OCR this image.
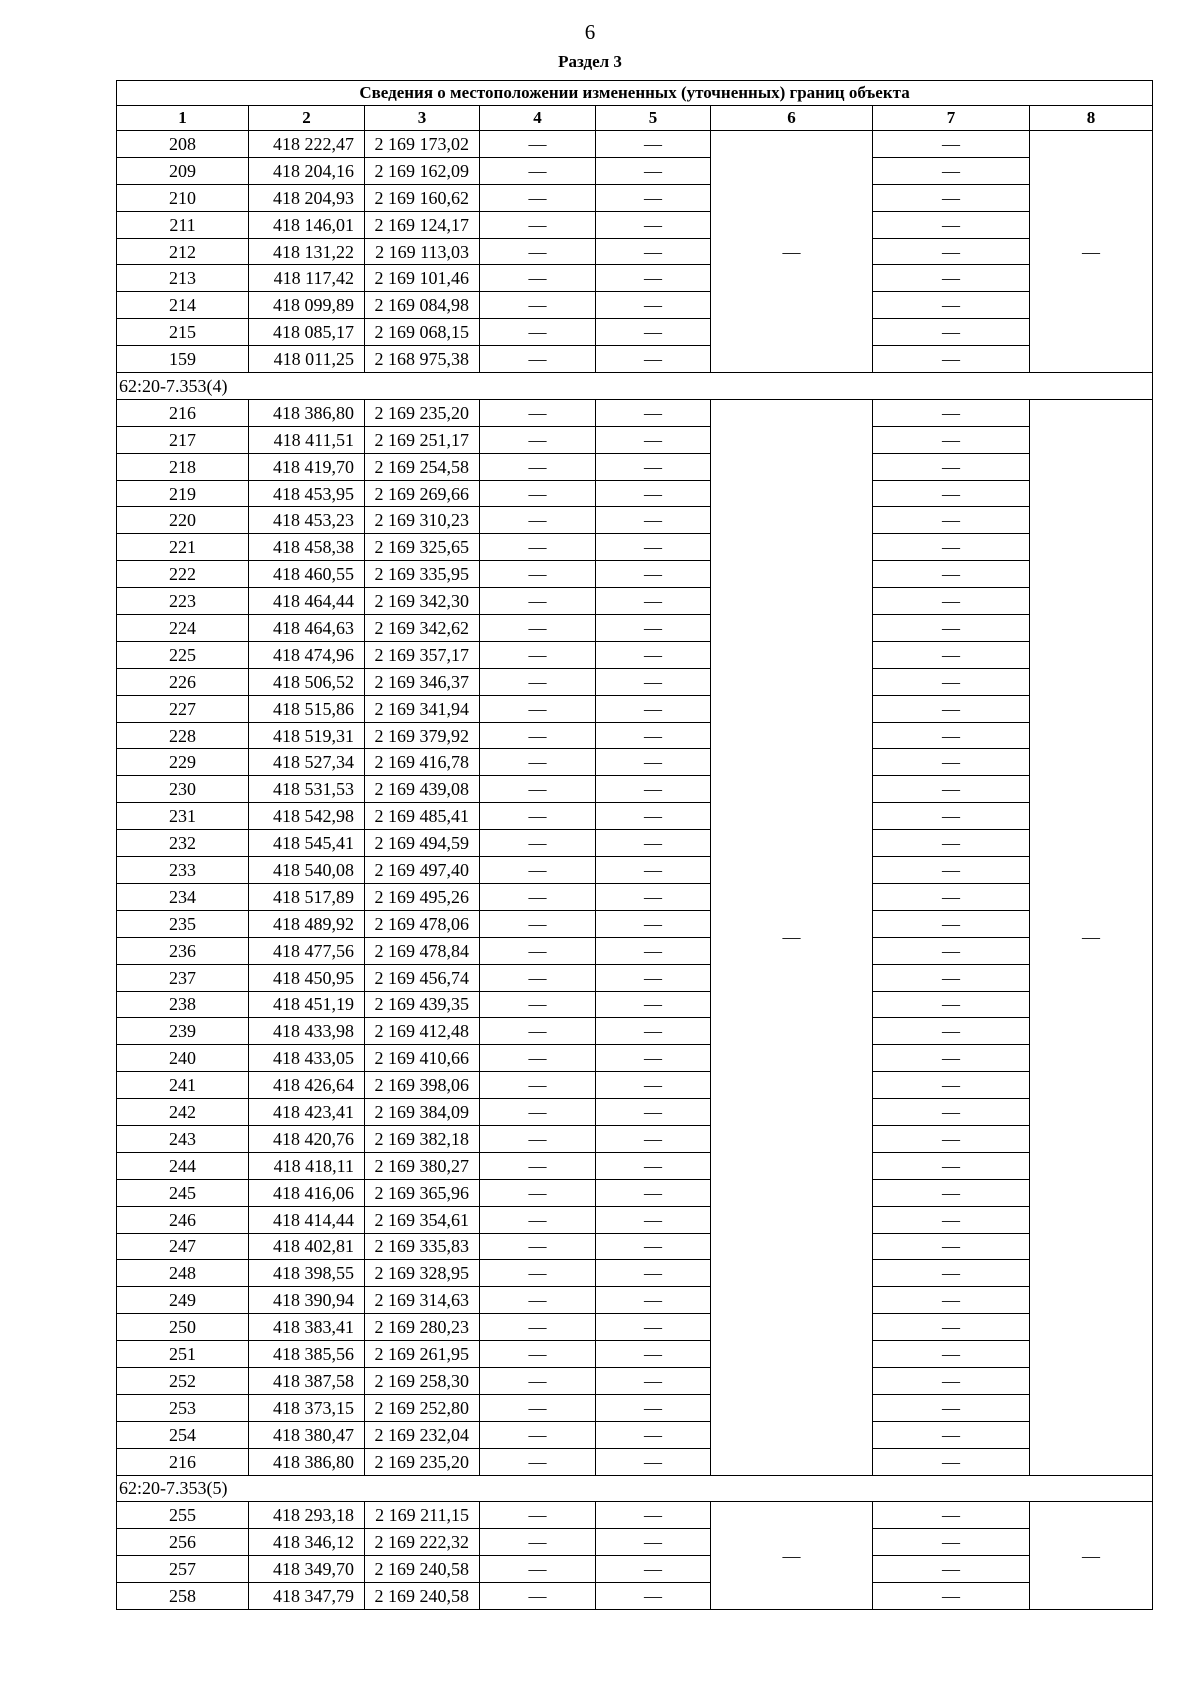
6
Раздел 3
Сведения о местоположении измененных (уточненных) границ объекта							
1	2	3	4	5	6	7	8
208	418 222,47	2 169 173,02	—	—	—	—	—
209	418 204,16	2 169 162,09	—	—		—	
210	418 204,93	2 169 160,62	—	—		—	
211	418 146,01	2 169 124,17	—	—		—	
212	418 131,22	2 169 113,03	—	—		—	
213	418 117,42	2 169 101,46	—	—		—	
214	418 099,89	2 169 084,98	—	—		—	
215	418 085,17	2 169 068,15	—	—		—	
159	418 011,25	2 168 975,38	—	—		—	
62:20-7.353(4)							
216	418 386,80	2 169 235,20	—	—	—	—	—
217	418 411,51	2 169 251,17	—	—		—	
218	418 419,70	2 169 254,58	—	—		—	
219	418 453,95	2 169 269,66	—	—		—	
220	418 453,23	2 169 310,23	—	—		—	
221	418 458,38	2 169 325,65	—	—		—	
222	418 460,55	2 169 335,95	—	—		—	
223	418 464,44	2 169 342,30	—	—		—	
224	418 464,63	2 169 342,62	—	—		—	
225	418 474,96	2 169 357,17	—	—		—	
226	418 506,52	2 169 346,37	—	—		—	
227	418 515,86	2 169 341,94	—	—		—	
228	418 519,31	2 169 379,92	—	—		—	
229	418 527,34	2 169 416,78	—	—		—	
230	418 531,53	2 169 439,08	—	—		—	
231	418 542,98	2 169 485,41	—	—		—	
232	418 545,41	2 169 494,59	—	—		—	
233	418 540,08	2 169 497,40	—	—		—	
234	418 517,89	2 169 495,26	—	—		—	
235	418 489,92	2 169 478,06	—	—		—	
236	418 477,56	2 169 478,84	—	—		—	
237	418 450,95	2 169 456,74	—	—		—	
238	418 451,19	2 169 439,35	—	—		—	
239	418 433,98	2 169 412,48	—	—		—	
240	418 433,05	2 169 410,66	—	—		—	
241	418 426,64	2 169 398,06	—	—		—	
242	418 423,41	2 169 384,09	—	—		—	
243	418 420,76	2 169 382,18	—	—		—	
244	418 418,11	2 169 380,27	—	—		—	
245	418 416,06	2 169 365,96	—	—		—	
246	418 414,44	2 169 354,61	—	—		—	
247	418 402,81	2 169 335,83	—	—		—	
248	418 398,55	2 169 328,95	—	—		—	
249	418 390,94	2 169 314,63	—	—		—	
250	418 383,41	2 169 280,23	—	—		—	
251	418 385,56	2 169 261,95	—	—		—	
252	418 387,58	2 169 258,30	—	—		—	
253	418 373,15	2 169 252,80	—	—		—	
254	418 380,47	2 169 232,04	—	—		—	
216	418 386,80	2 169 235,20	—	—		—	
62:20-7.353(5)							
255	418 293,18	2 169 211,15	—	—	—	—	—
256	418 346,12	2 169 222,32	—	—		—	
257	418 349,70	2 169 240,58	—	—		—	
258	418 347,79	2 169 240,58	—	—		—	
